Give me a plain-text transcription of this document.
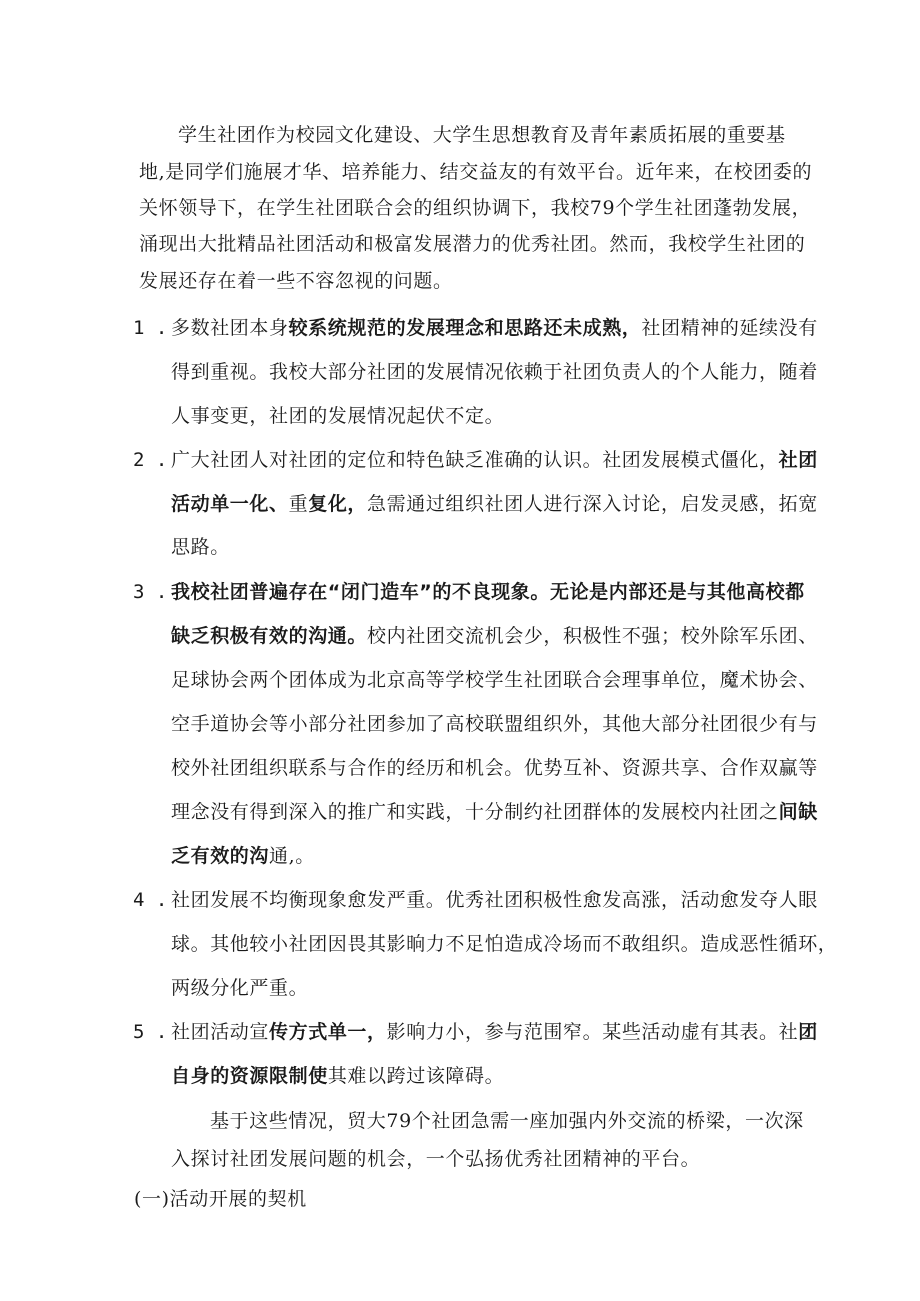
学生社团作为校园文化建设、大学生思想教育及青年素质拓展的重要基
地,是同学们施展才华、培养能力、结交益友的有效平台。近年来，在校团委的
关怀领导下，在学生社团联合会的组织协调下，我校79个学生社团蓬勃发展，
涌现出大批精品社团活动和极富发展潜力的优秀社团。然而，我校学生社团的
发展还存在着一些不容忽视的问题。
1 . 多数社团本身较系统规范的发展理念和思路还未成熟，社团精神的延续没有
得到重视。我校大部分社团的发展情况依赖于社团负责人的个人能力，随着
人事变更，社团的发展情况起伏不定。
2 . 广大社团人对社团的定位和特色缺乏准确的认识。社团发展模式僵化，社团
活动单一化、重复化，急需通过组织社团人进行深入讨论，启发灵感，拓宽
思路。
3 . 我校社团普遍存在“闭门造车”的不良现象。无论是内部还是与其他高校都
缺乏积极有效的沟通。校内社团交流机会少，积极性不强；校外除军乐团、
足球协会两个团体成为北京高等学校学生社团联合会理事单位，魔术协会、
空手道协会等小部分社团参加了高校联盟组织外，其他大部分社团很少有与
校外社团组织联系与合作的经历和机会。优势互补、资源共享、合作双赢等
理念没有得到深入的推广和实践，十分制约社团群体的发展校内社团之间缺
乏有效的沟通,。
4 . 社团发展不均衡现象愈发严重。优秀社团积极性愈发高涨，活动愈发夺人眼
球。其他较小社团因畏其影晌力不足怕造成冷场而不敢组织。造成恶性循环，
两级分化严重。
5 . 社团活动宣传方式单一，影响力小，参与范围窄。某些活动虚有其表。社团
自身的资源限制使其难以跨过该障碍。
基于这些情况，贸大79个社团急需一座加强内外交流的桥梁，一次深
入探讨社团发展问题的机会，一个弘扬优秀社团精神的平台。
(一)活动开展的契机
